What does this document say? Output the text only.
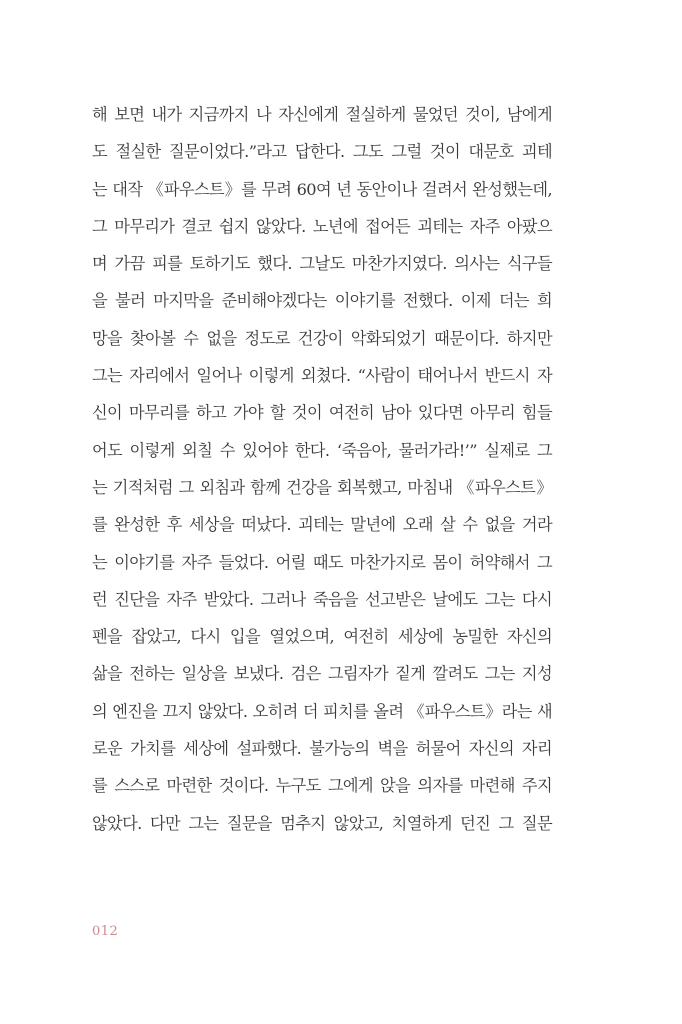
해 보면 내가 지금까지 나 자신에게 절실하게 물었던 것이, 남에게
도 절실한 질문이었다.”라고 답한다. 그도 그럴 것이 대문호 괴테
는 대작 《파우스트》를 무려 60여 년 동안이나 걸려서 완성했는데,
그 마무리가 결코 쉽지 않았다. 노년에 접어든 괴테는 자주 아팠으
며 가끔 피를 토하기도 했다. 그날도 마찬가지였다. 의사는 식구들
을 불러 마지막을 준비해야겠다는 이야기를 전했다. 이제 더는 희
망을 찾아볼 수 없을 정도로 건강이 악화되었기 때문이다. 하지만
그는 자리에서 일어나 이렇게 외쳤다. “사람이 태어나서 반드시 자
신이 마무리를 하고 가야 할 것이 여전히 남아 있다면 아무리 힘들
어도 이렇게 외칠 수 있어야 한다. ‘죽음아, 물러가라!’” 실제로 그
는 기적처럼 그 외침과 함께 건강을 회복했고, 마침내 《파우스트》
를 완성한 후 세상을 떠났다. 괴테는 말년에 오래 살 수 없을 거라
는 이야기를 자주 들었다. 어릴 때도 마찬가지로 몸이 허약해서 그
런 진단을 자주 받았다. 그러나 죽음을 선고받은 날에도 그는 다시
펜을 잡았고, 다시 입을 열었으며, 여전히 세상에 농밀한 자신의
삶을 전하는 일상을 보냈다. 검은 그림자가 짙게 깔려도 그는 지성
의 엔진을 끄지 않았다. 오히려 더 피치를 올려 《파우스트》라는 새
로운 가치를 세상에 설파했다. 불가능의 벽을 허물어 자신의 자리
를 스스로 마련한 것이다. 누구도 그에게 앉을 의자를 마련해 주지
않았다. 다만 그는 질문을 멈추지 않았고, 치열하게 던진 그 질문
012
